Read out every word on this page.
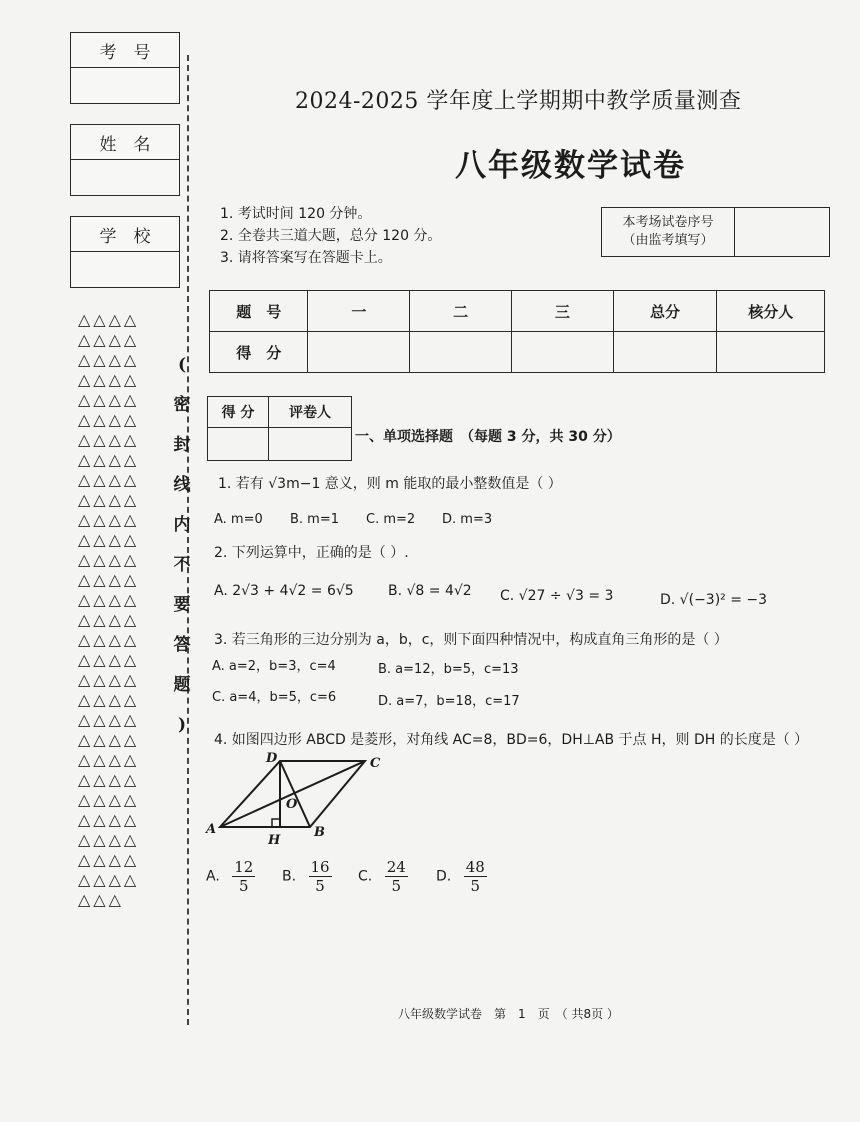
考　号
姓　名
学　校
△△△△
△△△△
△△△△
△△△△
△△△△
△△△△
△△△△
△△△△
△△△△
△△△△
△△△△
△△△△
△△△△
△△△△
△△△△
△△△△
△△△△
△△△△
△△△△
△△△△
△△△△
△△△△
△△△△
△△△△
△△△△
△△△△
△△△△
△△△△
△△△△
△△△
(
密
封
线
内
不
要
答
题
)
2024-2025 学年度上学期期中教学质量测查
八年级数学试卷
1. 考试时间 120 分钟。
2. 全卷共三道大题，总分 120 分。
3. 请将答案写在答题卡上。
本考场试卷序号
（由监考填写）

题　号	一	二	三	总分	核分人
得　分					
得 分	评卷人

一、单项选择题　（每题 3 分，共 30 分）
1. 若有 √3m−1 意义，则 m 能取的最小整数值是（ ）
A. m=0 B. m=1 C. m=2 D. m=3
2. 下列运算中，正确的是（ ）.
A. 2√3 + 4√2 = 6√5 B. √8 = 4√2 C. √27 ÷ √3 = 3	D. √(−3)² = −3
3. 若三角形的三边分别为 a，b，c，则下面四种情况中，构成直角三角形的是（ ）
A. a=2，b=3，c=4	B. a=12，b=5，c=13
C. a=4，b=5，c=6	D. a=7，b=18，c=17
4. 如图四边形 ABCD 是菱形，对角线 AC=8，BD=6，DH⊥AB 于点 H，则 DH 的长度是（ ）
D	C
O
A	B
H
A. $\frac{12}{5} B$. $\frac{16}{5} C$. $\frac{24}{5} D$. $\frac{48}{5}$
八年级数学试卷　第　1　页　（ 共8页 ）
